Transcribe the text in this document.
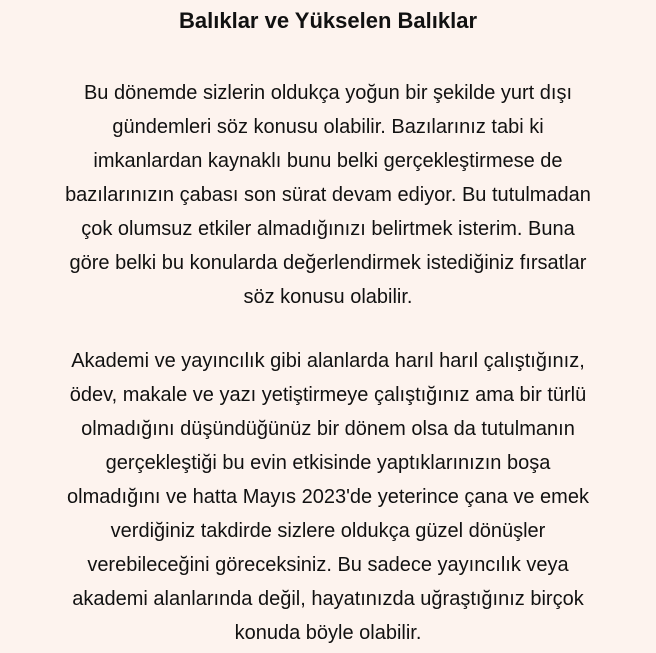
Balıklar ve Yükselen Balıklar

Bu dönemde sizlerin oldukça yoğun bir şekilde yurt dışı
gündemleri söz konusu olabilir. Bazılarınız tabi ki
imkanlardan kaynaklı bunu belki gerçekleştirmese de
bazılarınızın çabası son sürat devam ediyor. Bu tutulmadan
çok olumsuz etkiler almadığınızı belirtmek isterim. Buna
göre belki bu konularda değerlendirmek istediğiniz fırsatlar
söz konusu olabilir.

Akademi ve yayıncılık gibi alanlarda harıl harıl çalıştığınız,
ödev, makale ve yazı yetiştirmeye çalıştığınız ama bir türlü
olmadığını düşündüğünüz bir dönem olsa da tutulmanın
gerçekleştiği bu evin etkisinde yaptıklarınızın boşa
olmadığını ve hatta Mayıs 2023'de yeterince çana ve emek
verdiğiniz takdirde sizlere oldukça güzel dönüşler
verebileceğini göreceksiniz. Bu sadece yayıncılık veya
akademi alanlarında değil, hayatınızda uğraştığınız birçok
konuda böyle olabilir.
